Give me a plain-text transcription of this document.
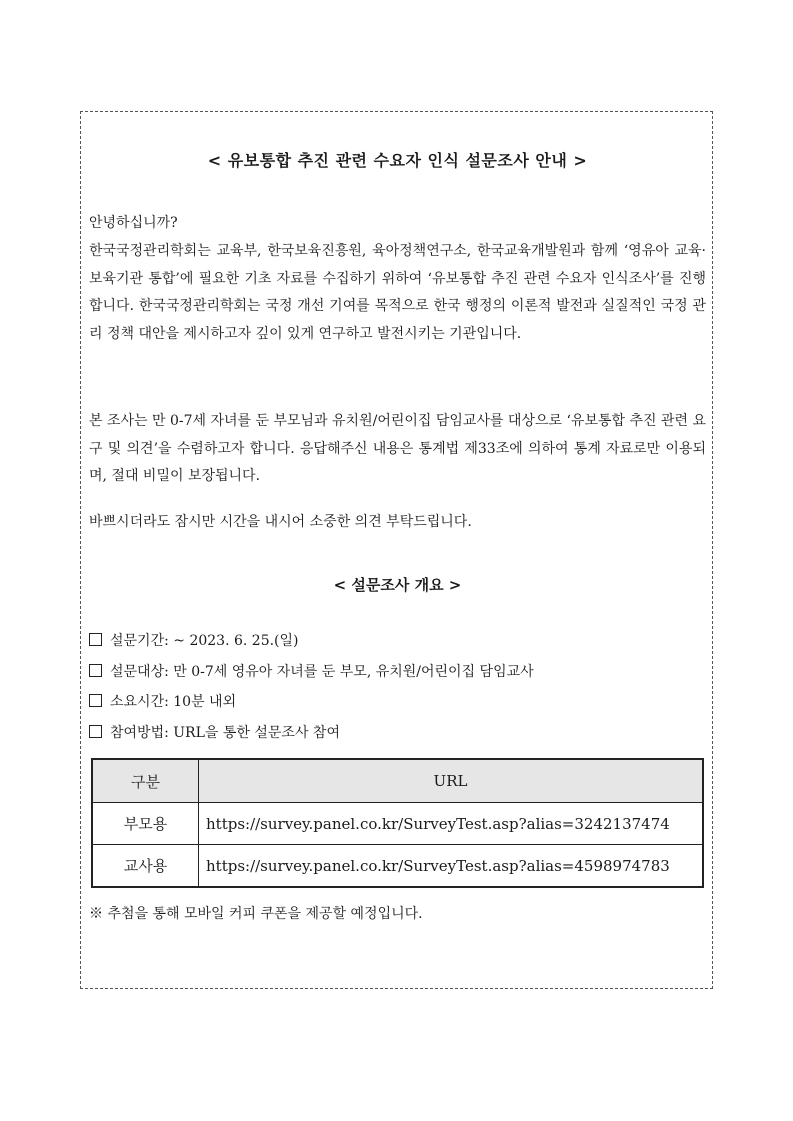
< 유보통합 추진 관련 수요자 인식 설문조사 안내 >

안녕하십니까?

한국국정관리학회는 교육부, 한국보육진흥원, 육아정책연구소, 한국교육개발원과 함께 ‘영유아 교육·보육기관 통합’에 필요한 기초 자료를 수집하기 위하여 ‘유보통합 추진 관련 수요자 인식조사’를 진행합니다. 한국국정관리학회는 국정 개선 기여를 목적으로 한국 행정의 이론적 발전과 실질적인 국정 관리 정책 대안을 제시하고자 깊이 있게 연구하고 발전시키는 기관입니다.

본 조사는 만 0-7세 자녀를 둔 부모님과 유치원/어린이집 담임교사를 대상으로 ‘유보통합 추진 관련 요구 및 의견’을 수렴하고자 합니다. 응답해주신 내용은 통계법 제33조에 의하여 통계 자료로만 이용되며, 절대 비밀이 보장됩니다.

바쁘시더라도 잠시만 시간을 내시어 소중한 의견 부탁드립니다.

< 설문조사 개요 >
설문기간: ~ 2023. 6. 25.(일)
설문대상: 만 0-7세 영유아 자녀를 둔 부모, 유치원/어린이집 담임교사
소요시간: 10분 내외
참여방법: URL을 통한 설문조사 참여
구분	URL
부모용	https://survey.panel.co.kr/SurveyTest.asp?alias=3242137474
교사용	https://survey.panel.co.kr/SurveyTest.asp?alias=4598974783
※ 추첨을 통해 모바일 커피 쿠폰을 제공할 예정입니다.
